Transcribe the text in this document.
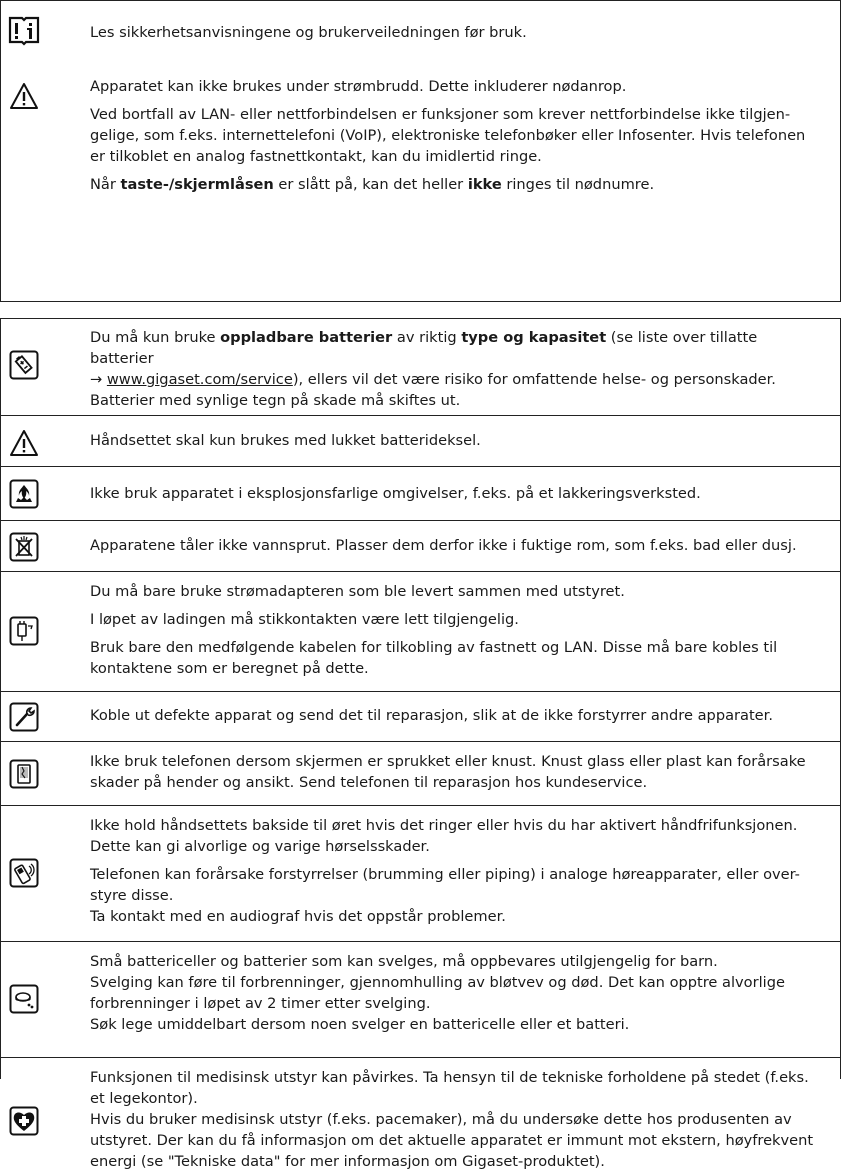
Les sikkerhetsanvisningene og brukerveiledningen før bruk.

Apparatet kan ikke brukes under strømbrudd. Dette inkluderer nødanrop.

Ved bortfall av LAN- eller nettforbindelsen er funksjoner som krever nettforbindelse ikke tilgjen-gelige, som f.eks. internettelefoni (VoIP), elektroniske telefonbøker eller Infosenter. Hvis telefonen er tilkoblet en analog fastnettkontakt, kan du imidlertid ringe.

Når taste-/skjermlåsen er slått på, kan det heller ikke ringes til nødnumre.

Du må kun bruke oppladbare batterier av riktig type og kapasitet (se liste over tillatte batterier
→ www.gigaset.com/service), ellers vil det være risiko for omfattende helse- og personskader.
Batterier med synlige tegn på skade må skiftes ut.

Håndsettet skal kun brukes med lukket batterideksel.
Ikke bruk apparatet i eksplosjonsfarlige omgivelser, f.eks. på et lakkeringsverksted.
Apparatene tåler ikke vannsprut. Plasser dem derfor ikke i fuktige rom, som f.eks. bad eller dusj.

Du må bare bruke strømadapteren som ble levert sammen med utstyret.

I løpet av ladingen må stikkontakten være lett tilgjengelig.

Bruk bare den medfølgende kabelen for tilkobling av fastnett og LAN. Disse må bare kobles til kontaktene som er beregnet på dette.

Koble ut defekte apparat og send det til reparasjon, slik at de ikke forstyrrer andre apparater.
Ikke bruk telefonen dersom skjermen er sprukket eller knust. Knust glass eller plast kan forårsake skader på hender og ansikt. Send telefonen til reparasjon hos kundeservice.

Ikke hold håndsettets bakside til øret hvis det ringer eller hvis du har aktivert håndfrifunksjonen. Dette kan gi alvorlige og varige hørselsskader.

Telefonen kan forårsake forstyrrelser (brumming eller piping) i analoge høreapparater, eller over-styre disse.

Ta kontakt med en audiograf hvis det oppstår problemer.

Små battericeller og batterier som kan svelges, må oppbevares utilgjengelig for barn.

Svelging kan føre til forbrenninger, gjennomhulling av bløtvev og død. Det kan opptre alvorlige forbrenninger i løpet av 2 timer etter svelging.

Søk lege umiddelbart dersom noen svelger en battericelle eller et batteri.

Funksjonen til medisinsk utstyr kan påvirkes. Ta hensyn til de tekniske forholdene på stedet (f.eks. et legekontor).

Hvis du bruker medisinsk utstyr (f.eks. pacemaker), må du undersøke dette hos produsenten av utstyret. Der kan du få informasjon om det aktuelle apparatet er immunt mot ekstern, høyfrekvent energi (se "Tekniske data" for mer informasjon om Gigaset-produktet).
